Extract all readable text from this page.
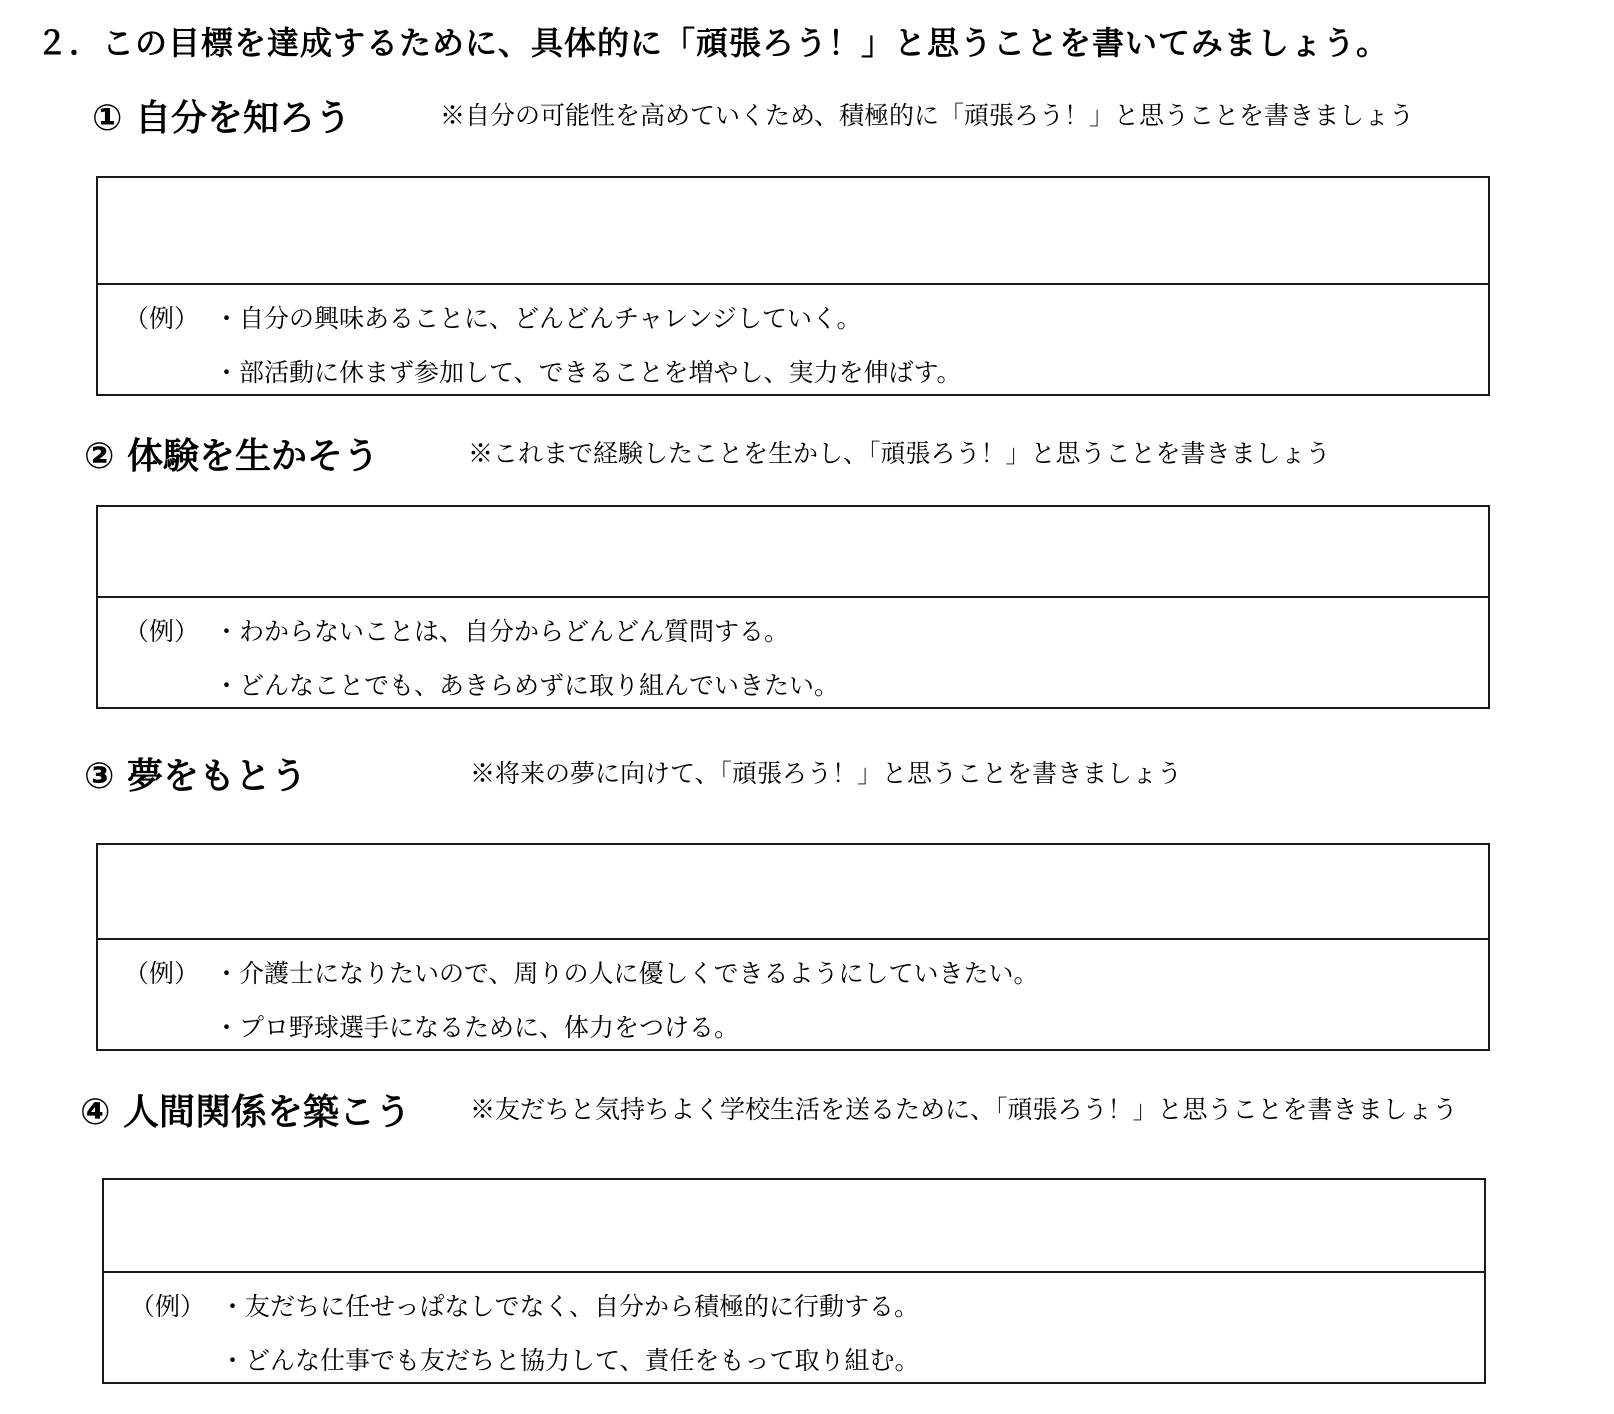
２．この目標を達成するために、具体的に「頑張ろう！」と思うことを書いてみましょう。
① 自分を知ろう	※自分の可能性を高めていくため、積極的に「頑張ろう！」と思うことを書きましょう
（例） ・自分の興味あることに、どんどんチャレンジしていく。
・部活動に休まず参加して、できることを増やし、実力を伸ばす。
② 体験を生かそう	※これまで経験したことを生かし、「頑張ろう！」と思うことを書きましょう
（例） ・わからないことは、自分からどんどん質問する。
・どんなことでも、あきらめずに取り組んでいきたい。
③ 夢をもとう	※将来の夢に向けて、「頑張ろう！」と思うことを書きましょう
（例） ・介護士になりたいので、周りの人に優しくできるようにしていきたい。
・プロ野球選手になるために、体力をつける。
④ 人間関係を築こう ※友だちと気持ちよく学校生活を送るために、「頑張ろう！」と思うことを書きましょう
（例） ・友だちに任せっぱなしでなく、自分から積極的に行動する。
・どんな仕事でも友だちと協力して、責任をもって取り組む。
